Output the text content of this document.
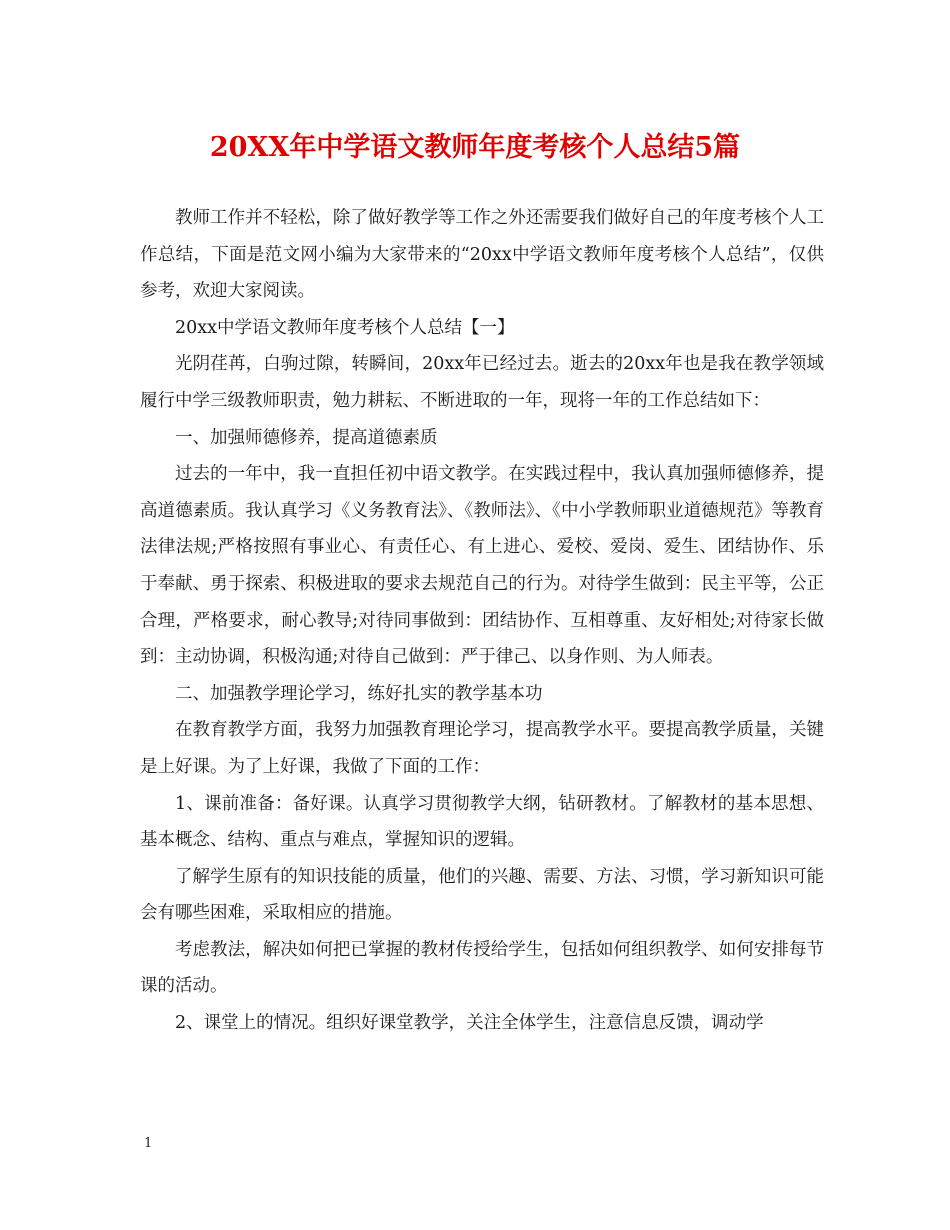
20XX年中学语文教师年度考核个人总结5篇

教师工作并不轻松，除了做好教学等工作之外还需要我们做好自己的年度考核个人工作总结，下面是范文网小编为大家带来的“20xx中学语文教师年度考核个人总结”，仅供参考，欢迎大家阅读。

20xx中学语文教师年度考核个人总结【一】

光阴荏苒，白驹过隙，转瞬间，20xx年已经过去。逝去的20xx年也是我在教学领域履行中学三级教师职责，勉力耕耘、不断进取的一年，现将一年的工作总结如下：

一、加强师德修养，提高道德素质

过去的一年中，我一直担任初中语文教学。在实践过程中，我认真加强师德修养，提高道德素质。我认真学习《义务教育法》、《教师法》、《中小学教师职业道德规范》等教育法律法规;严格按照有事业心、有责任心、有上进心、爱校、爱岗、爱生、团结协作、乐于奉献、勇于探索、积极进取的要求去规范自己的行为。对待学生做到：民主平等，公正合理，严格要求，耐心教导;对待同事做到：团结协作、互相尊重、友好相处;对待家长做到：主动协调，积极沟通;对待自己做到：严于律己、以身作则、为人师表。

二、加强教学理论学习，练好扎实的教学基本功

在教育教学方面，我努力加强教育理论学习，提高教学水平。要提高教学质量，关键是上好课。为了上好课，我做了下面的工作：

1、课前准备：备好课。认真学习贯彻教学大纲，钻研教材。了解教材的基本思想、基本概念、结构、重点与难点，掌握知识的逻辑。

了解学生原有的知识技能的质量，他们的兴趣、需要、方法、习惯，学习新知识可能会有哪些困难，采取相应的措施。

考虑教法，解决如何把已掌握的教材传授给学生，包括如何组织教学、如何安排每节课的活动。

2、课堂上的情况。组织好课堂教学，关注全体学生，注意信息反馈，调动学

1
